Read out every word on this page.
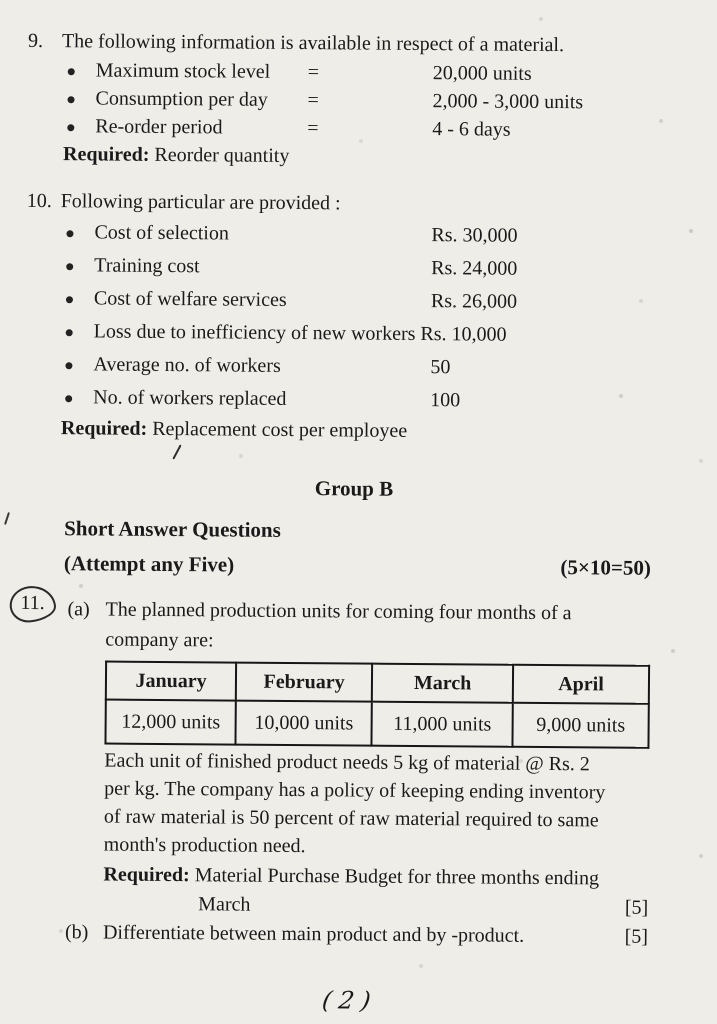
9. The following information is available in respect of a material.
Maximum stock level	=	20,000 units
Consumption per day	=	2,000 - 3,000 units
Re-order period	=	4 - 6 days
Required: Reorder quantity
10. Following particular are provided :
Cost of selection	Rs. 30,000
Training cost	Rs. 24,000
Cost of welfare services	Rs. 26,000
Loss due to inefficiency of new workers Rs. 10,000
Average no. of workers	50
No. of workers replaced	100
Required: Replacement cost per employee
Group B
Short Answer Questions
(Attempt any Five)	(5×10=50)
11.	(a) The planned production units for coming four months of a
company are:
January	February	March	April
12,000 units	10,000 units	11,000 units	9,000 units
Each unit of finished product needs 5 kg of material @ Rs. 2
per kg. The company has a policy of keeping ending inventory
of raw material is 50 percent of raw material required to same
month's production need.
Required: Material Purchase Budget for three months ending
March	[5]
(b) Differentiate between main product and by -product.	[5]
(2)
